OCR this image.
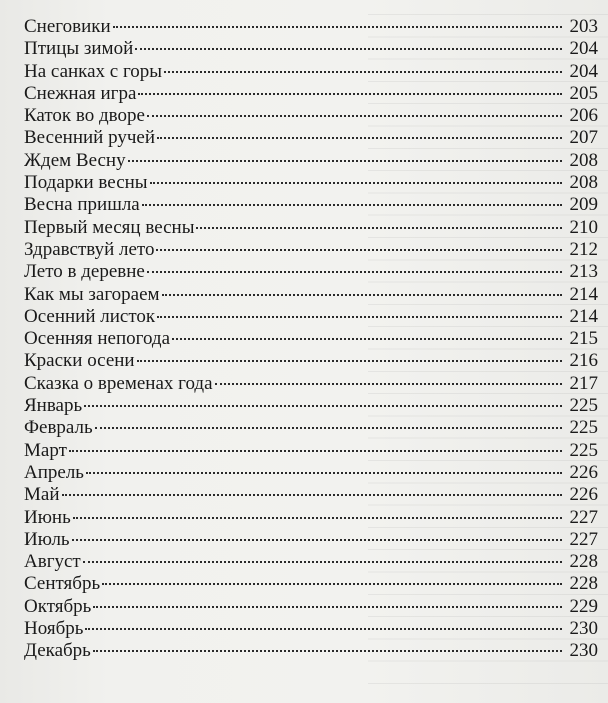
Снеговики	203
Птицы зимой	204
На санках с горы	204
Снежная игра	205
Каток во дворе	206
Весенний ручей	207
Ждем Весну	208
Подарки весны	208
Весна пришла	209
Первый месяц весны	210
Здравствуй лето	212
Лето в деревне	213
Как мы загораем	214
Осенний листок	214
Осенняя непогода	215
Краски осени	216
Сказка о временах года	217
Январь	225
Февраль	225
Март	225
Апрель	226
Май	226
Июнь	227
Июль	227
Август	228
Сентябрь	228
Октябрь	229
Ноябрь	230
Декабрь	230
